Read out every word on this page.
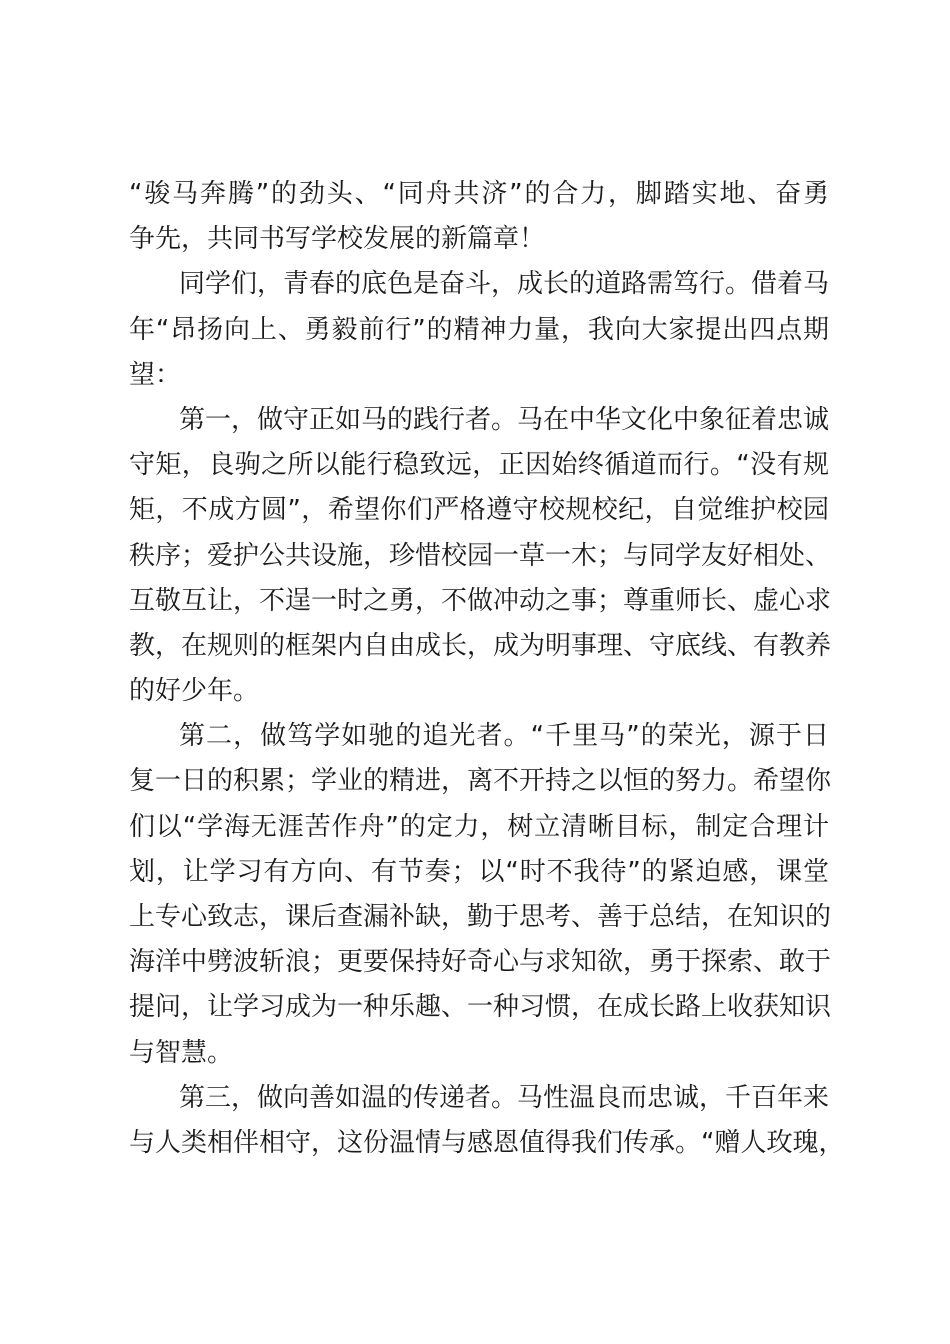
“骏马奔腾”的劲头、“同舟共济”的合力，脚踏实地、奋勇
争先，共同书写学校发展的新篇章！
同学们，青春的底色是奋斗，成长的道路需笃行。借着马
年“昂扬向上、勇毅前行”的精神力量，我向大家提出四点期
望：
第一，做守正如马的践行者。马在中华文化中象征着忠诚
守矩，良驹之所以能行稳致远，正因始终循道而行。“没有规
矩，不成方圆”，希望你们严格遵守校规校纪，自觉维护校园
秩序；爱护公共设施，珍惜校园一草一木；与同学友好相处、
互敬互让，不逞一时之勇，不做冲动之事；尊重师长、虚心求
教，在规则的框架内自由成长，成为明事理、守底线、有教养
的好少年。
第二，做笃学如驰的追光者。“千里马”的荣光，源于日
复一日的积累；学业的精进，离不开持之以恒的努力。希望你
们以“学海无涯苦作舟”的定力，树立清晰目标，制定合理计
划，让学习有方向、有节奏；以“时不我待”的紧迫感，课堂
上专心致志，课后查漏补缺，勤于思考、善于总结，在知识的
海洋中劈波斩浪；更要保持好奇心与求知欲，勇于探索、敢于
提问，让学习成为一种乐趣、一种习惯，在成长路上收获知识
与智慧。
第三，做向善如温的传递者。马性温良而忠诚，千百年来
与人类相伴相守，这份温情与感恩值得我们传承。“赠人玫瑰，
